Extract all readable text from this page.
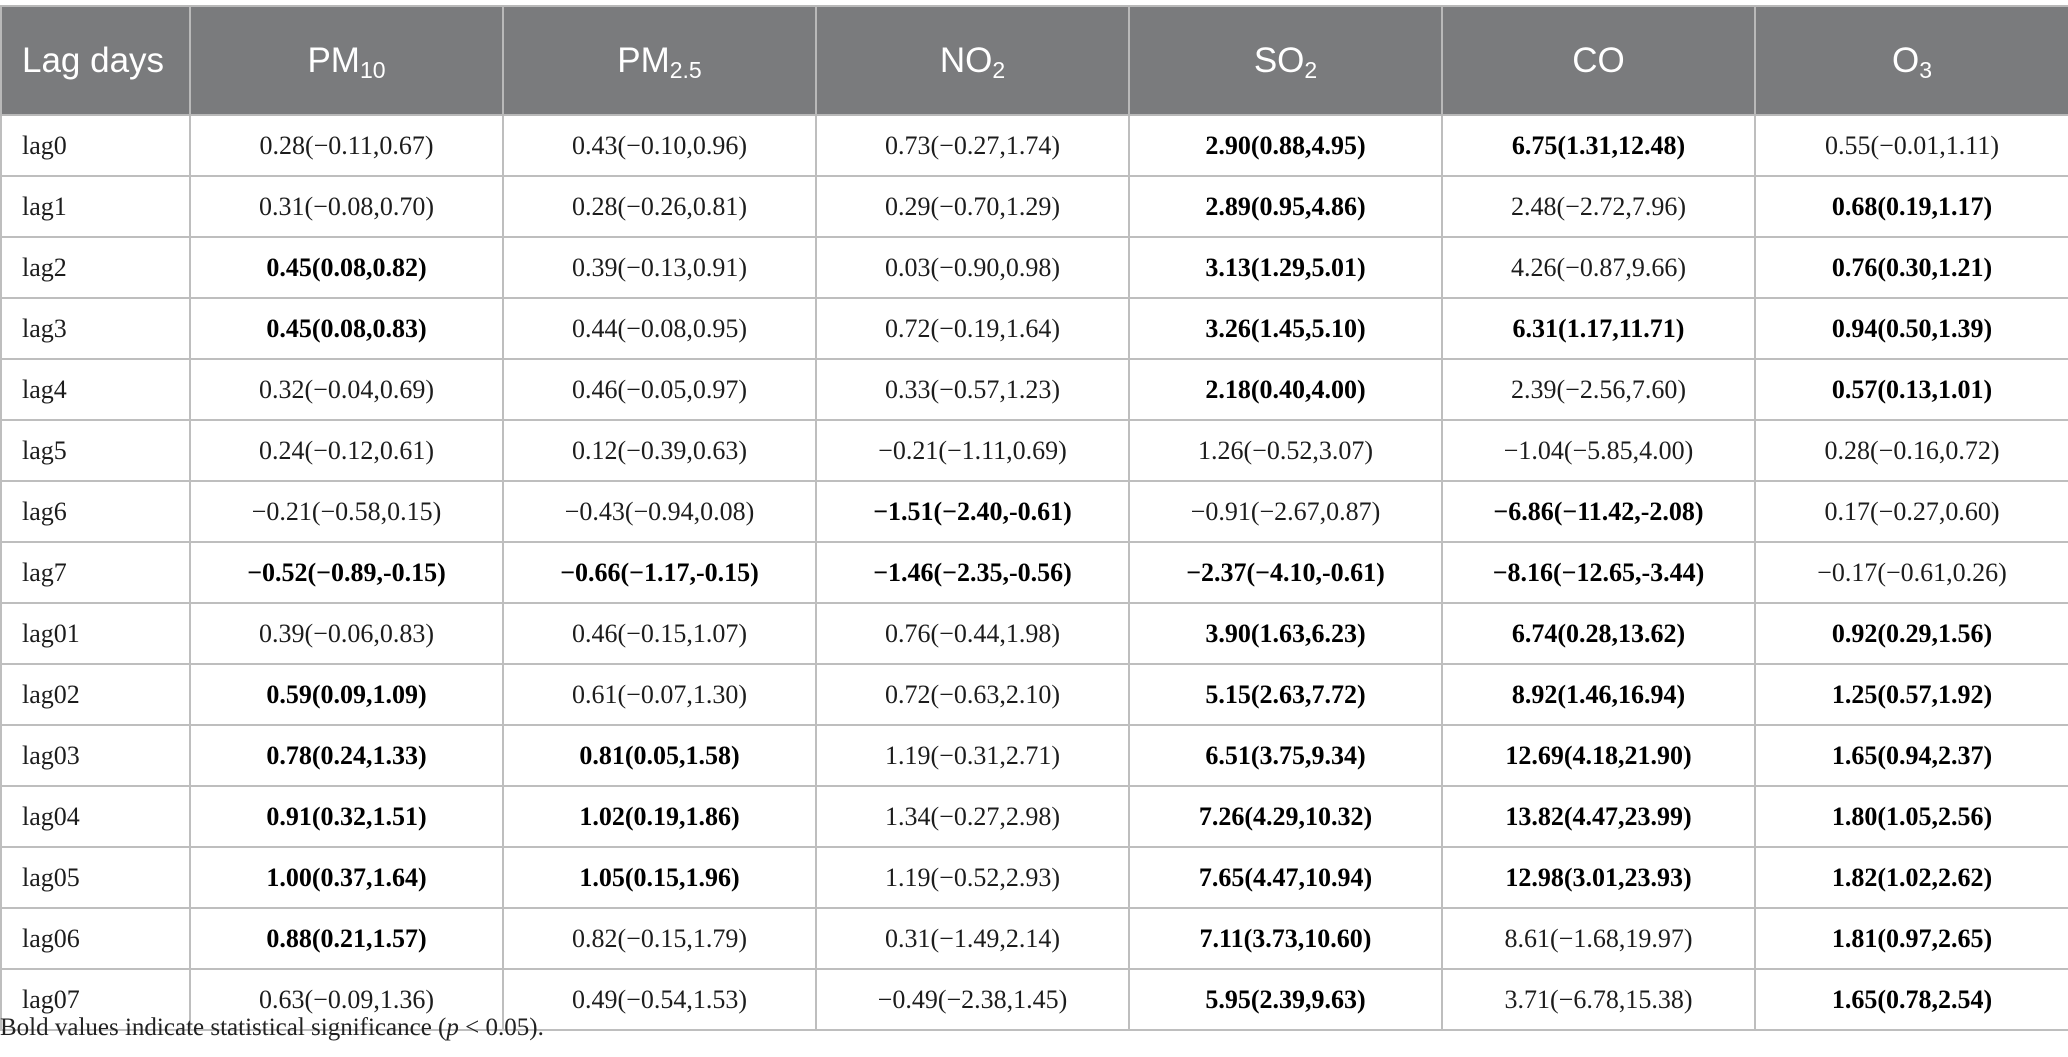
Lag days	$PM_{10}$	$PM_{2.5}$	$NO_2$	$SO_2$	CO	$O_3$
lag0	0.28(−0.11,0.67)	0.43(−0.10,0.96)	0.73(−0.27,1.74)	2.90(0.88,4.95)	6.75(1.31,12.48)	0.55(−0.01,1.11)
lag1	0.31(−0.08,0.70)	0.28(−0.26,0.81)	0.29(−0.70,1.29)	2.89(0.95,4.86)	2.48(−2.72,7.96)	0.68(0.19,1.17)
lag2	0.45(0.08,0.82)	0.39(−0.13,0.91)	0.03(−0.90,0.98)	3.13(1.29,5.01)	4.26(−0.87,9.66)	0.76(0.30,1.21)
lag3	0.45(0.08,0.83)	0.44(−0.08,0.95)	0.72(−0.19,1.64)	3.26(1.45,5.10)	6.31(1.17,11.71)	0.94(0.50,1.39)
lag4	0.32(−0.04,0.69)	0.46(−0.05,0.97)	0.33(−0.57,1.23)	2.18(0.40,4.00)	2.39(−2.56,7.60)	0.57(0.13,1.01)
lag5	0.24(−0.12,0.61)	0.12(−0.39,0.63)	−0.21(−1.11,0.69)	1.26(−0.52,3.07)	−1.04(−5.85,4.00)	0.28(−0.16,0.72)
lag6	−0.21(−0.58,0.15)	−0.43(−0.94,0.08)	−1.51(−2.40,-0.61)	−0.91(−2.67,0.87)	−6.86(−11.42,-2.08)	0.17(−0.27,0.60)
lag7	−0.52(−0.89,-0.15)	−0.66(−1.17,-0.15)	−1.46(−2.35,-0.56)	−2.37(−4.10,-0.61)	−8.16(−12.65,-3.44)	−0.17(−0.61,0.26)
lag01	0.39(−0.06,0.83)	0.46(−0.15,1.07)	0.76(−0.44,1.98)	3.90(1.63,6.23)	6.74(0.28,13.62)	0.92(0.29,1.56)
lag02	0.59(0.09,1.09)	0.61(−0.07,1.30)	0.72(−0.63,2.10)	5.15(2.63,7.72)	8.92(1.46,16.94)	1.25(0.57,1.92)
lag03	0.78(0.24,1.33)	0.81(0.05,1.58)	1.19(−0.31,2.71)	6.51(3.75,9.34)	12.69(4.18,21.90)	1.65(0.94,2.37)
lag04	0.91(0.32,1.51)	1.02(0.19,1.86)	1.34(−0.27,2.98)	7.26(4.29,10.32)	13.82(4.47,23.99)	1.80(1.05,2.56)
lag05	1.00(0.37,1.64)	1.05(0.15,1.96)	1.19(−0.52,2.93)	7.65(4.47,10.94)	12.98(3.01,23.93)	1.82(1.02,2.62)
lag06	0.88(0.21,1.57)	0.82(−0.15,1.79)	0.31(−1.49,2.14)	7.11(3.73,10.60)	8.61(−1.68,19.97)	1.81(0.97,2.65)
lag07	0.63(−0.09,1.36)	0.49(−0.54,1.53)	−0.49(−2.38,1.45)	5.95(2.39,9.63)	3.71(−6.78,15.38)	1.65(0.78,2.54)
Bold values indicate statistical significance (p < 0.05).
